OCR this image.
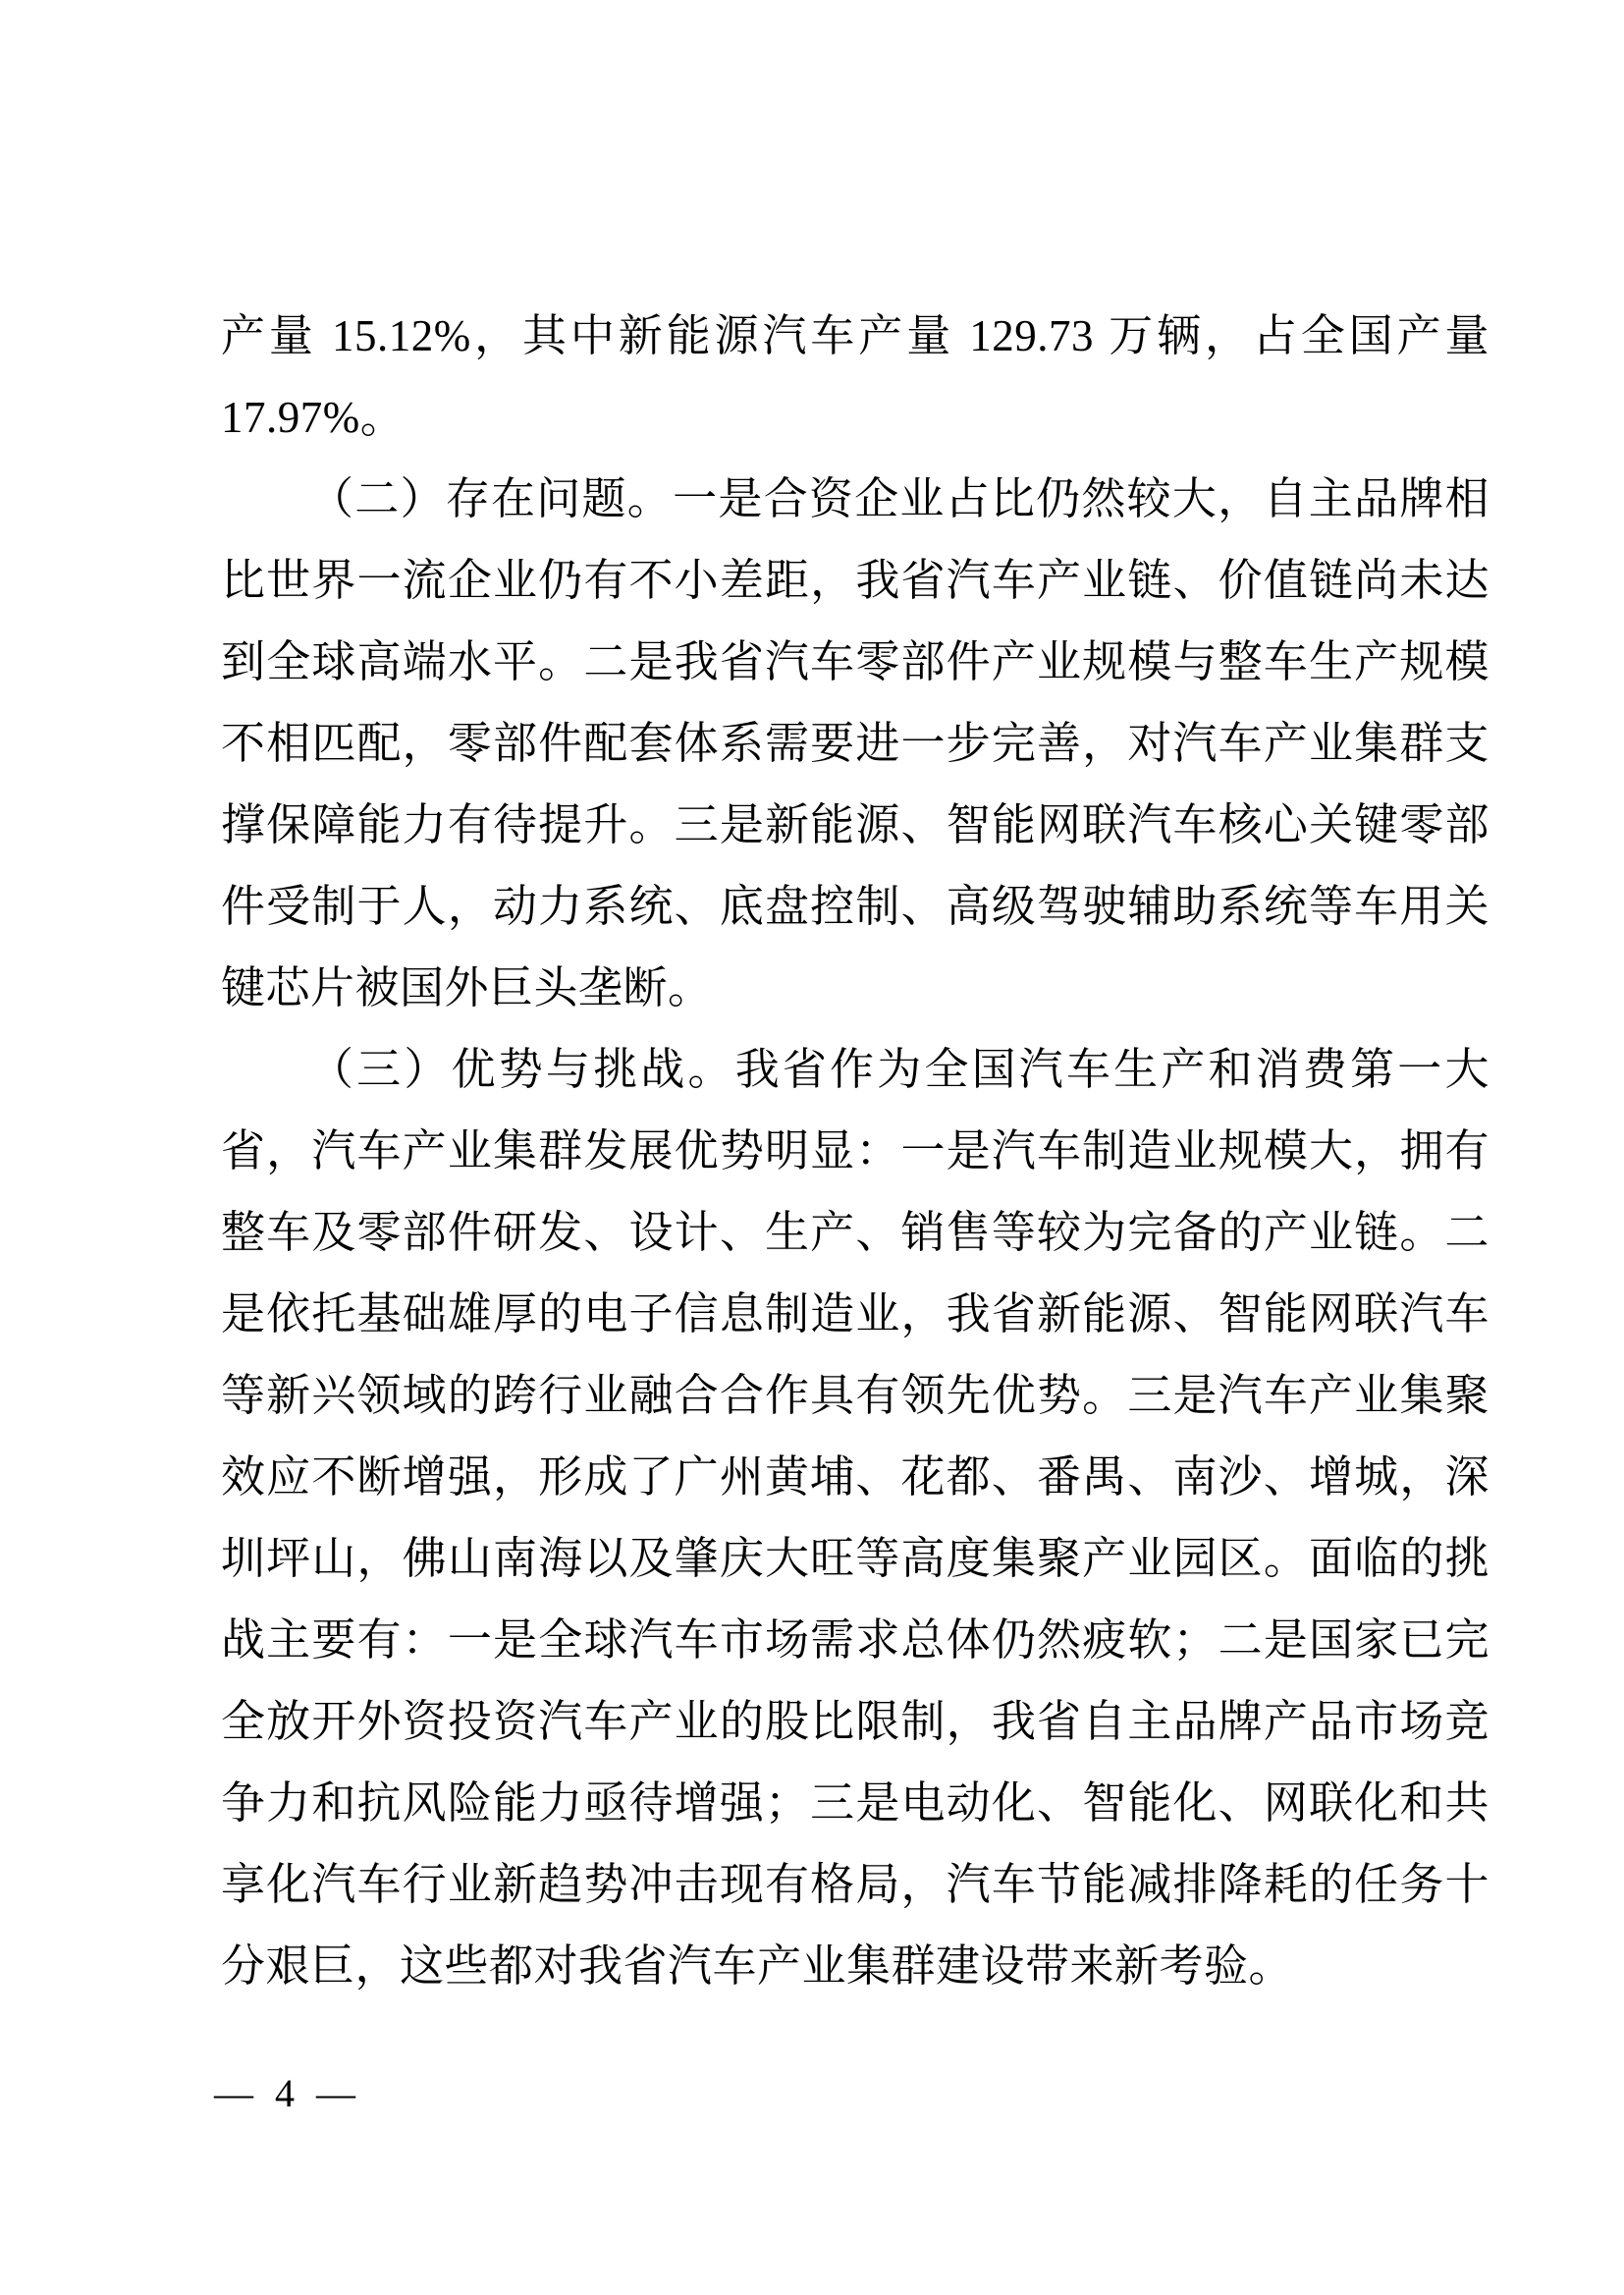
产量 15.12%，其中新能源汽车产量 129.73 万辆，占全国产量 17.97%。

（二）存在问题。一是合资企业占比仍然较大，自主品牌相比世界一流企业仍有不小差距，我省汽车产业链、价值链尚未达到全球高端水平。二是我省汽车零部件产业规模与整车生产规模不相匹配，零部件配套体系需要进一步完善，对汽车产业集群支撑保障能力有待提升。三是新能源、智能网联汽车核心关键零部件受制于人，动力系统、底盘控制、高级驾驶辅助系统等车用关键芯片被国外巨头垄断。

（三）优势与挑战。我省作为全国汽车生产和消费第一大省，汽车产业集群发展优势明显：一是汽车制造业规模大，拥有整车及零部件研发、设计、生产、销售等较为完备的产业链。二是依托基础雄厚的电子信息制造业，我省新能源、智能网联汽车等新兴领域的跨行业融合合作具有领先优势。三是汽车产业集聚效应不断增强，形成了广州黄埔、花都、番禺、南沙、增城，深圳坪山，佛山南海以及肇庆大旺等高度集聚产业园区。面临的挑战主要有：一是全球汽车市场需求总体仍然疲软；二是国家已完全放开外资投资汽车产业的股比限制，我省自主品牌产品市场竞争力和抗风险能力亟待增强；三是电动化、智能化、网联化和共享化汽车行业新趋势冲击现有格局，汽车节能减排降耗的任务十分艰巨，这些都对我省汽车产业集群建设带来新考验。

— 4 —
